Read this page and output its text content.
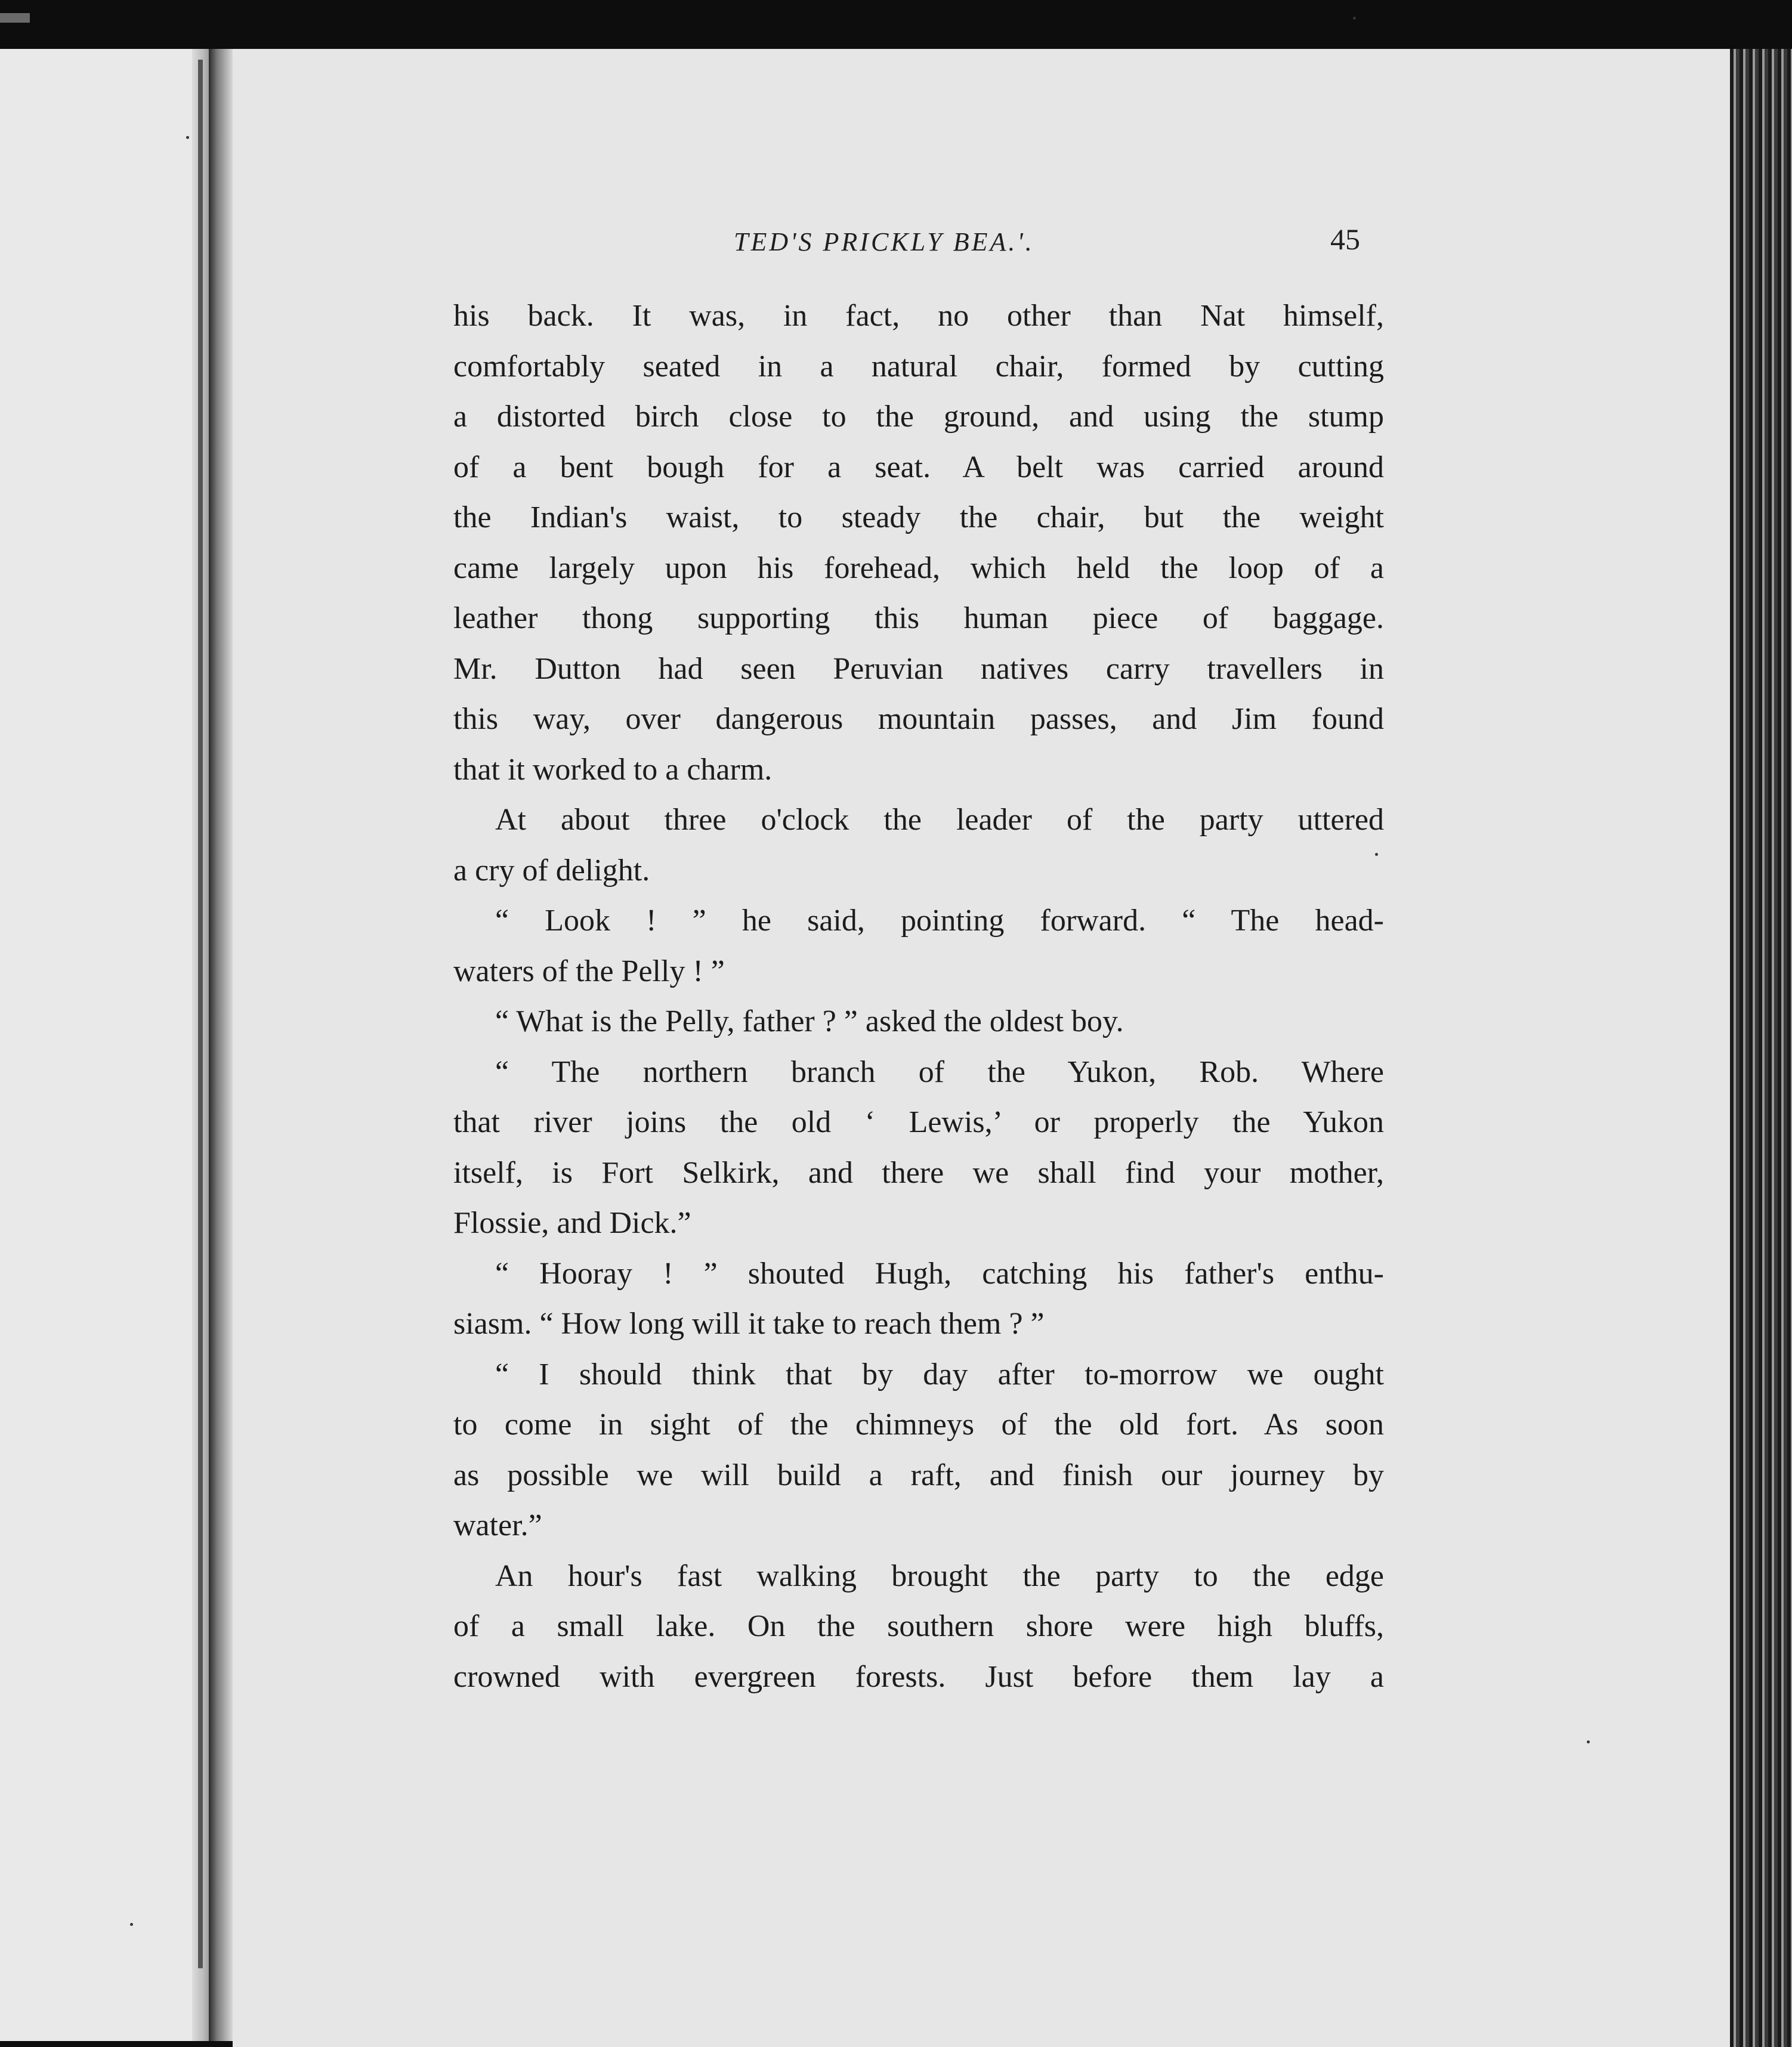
TED'S PRICKLY BEA.'.	45
his back. It was, in fact, no other than Nat himself,
comfortably seated in a natural chair, formed by cutting
a distorted birch close to the ground, and using the stump
of a bent bough for a seat. A belt was carried around
the Indian's waist, to steady the chair, but the weight
came largely upon his forehead, which held the loop of a
leather thong supporting this human piece of baggage.
Mr. Dutton had seen Peruvian natives carry travellers in
this way, over dangerous mountain passes, and Jim found
that it worked to a charm.
At about three o'clock the leader of the party uttered
a cry of delight.
“ Look ! ” he said, pointing forward. “ The head-
waters of the Pelly ! ”
“ What is the Pelly, father ? ” asked the oldest boy.
“ The northern branch of the Yukon, Rob. Where
that river joins the old ‘ Lewis,’ or properly the Yukon
itself, is Fort Selkirk, and there we shall find your mother,
Flossie, and Dick.”
“ Hooray ! ” shouted Hugh, catching his father's enthu-
siasm. “ How long will it take to reach them ? ”
“ I should think that by day after to-morrow we ought
to come in sight of the chimneys of the old fort. As soon
as possible we will build a raft, and finish our journey by
water.”
An hour's fast walking brought the party to the edge
of a small lake. On the southern shore were high bluffs,
crowned with evergreen forests. Just before them lay a
